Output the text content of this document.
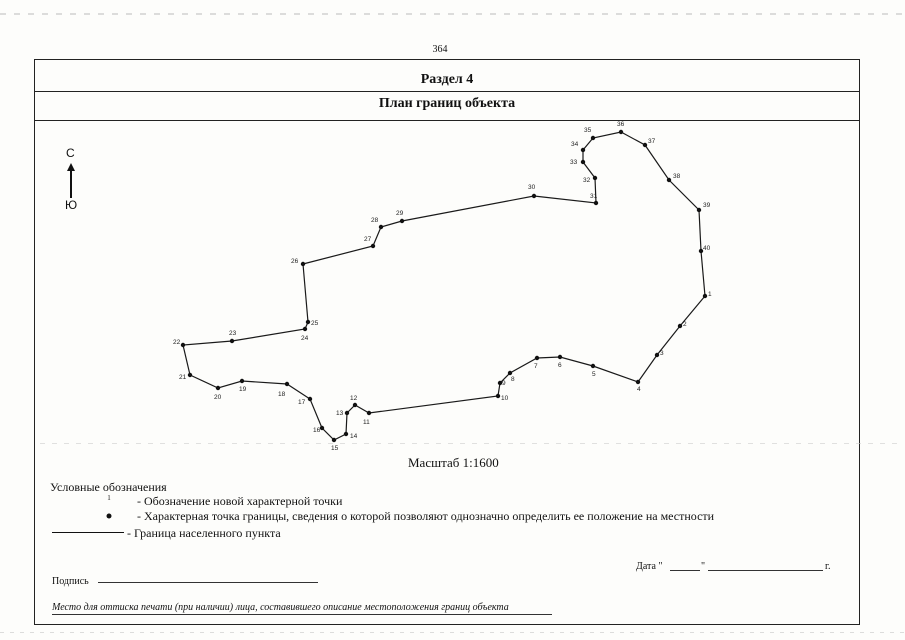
364
Раздел 4
План границ объекта
С
Ю
1
2
3
4
5
6
7
8
9
10
11
12
13
14
15
16
17
18
19
20
21
22
23
24
25
26
27
28
29
30
31
32
33
34
35
36
37
38
39
40
Масштаб 1:1600
Условные обозначения
1 - Обозначение новой характерной точки
- Характерная точка границы, сведения о которой позволяют однозначно определить ее положение на местности
- Граница населенного пункта
Дата "	"	г.
Подпись
Место для оттиска печати (при наличии) лица, составившего описание местоположения границ объекта
